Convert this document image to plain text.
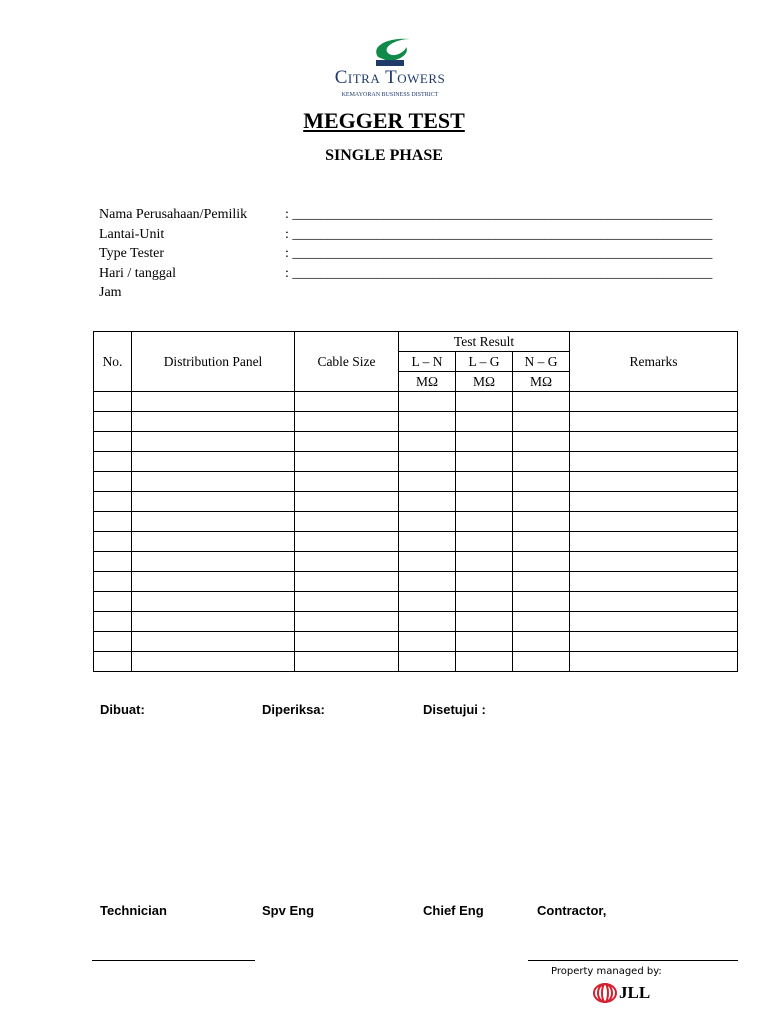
Citra Towers
KEMAYORAN BUSINESS DISTRICT
MEGGER TEST
SINGLE PHASE
Nama Perusahaan/Pemilik	: ____________________________________________________________
Lantai-Unit	: ____________________________________________________________
Type Tester	: ____________________________________________________________
Hari / tanggal	: ____________________________________________________________
Jam
No.	Distribution Panel	Cable Size	Test Result			Remarks
			L – N	L – G	N – G	
			MΩ	MΩ	MΩ	

Dibuat:	Diperiksa:	Disetujui :
Technician	Spv Eng	Chief Eng	Contractor,
Property managed by:
JLL
